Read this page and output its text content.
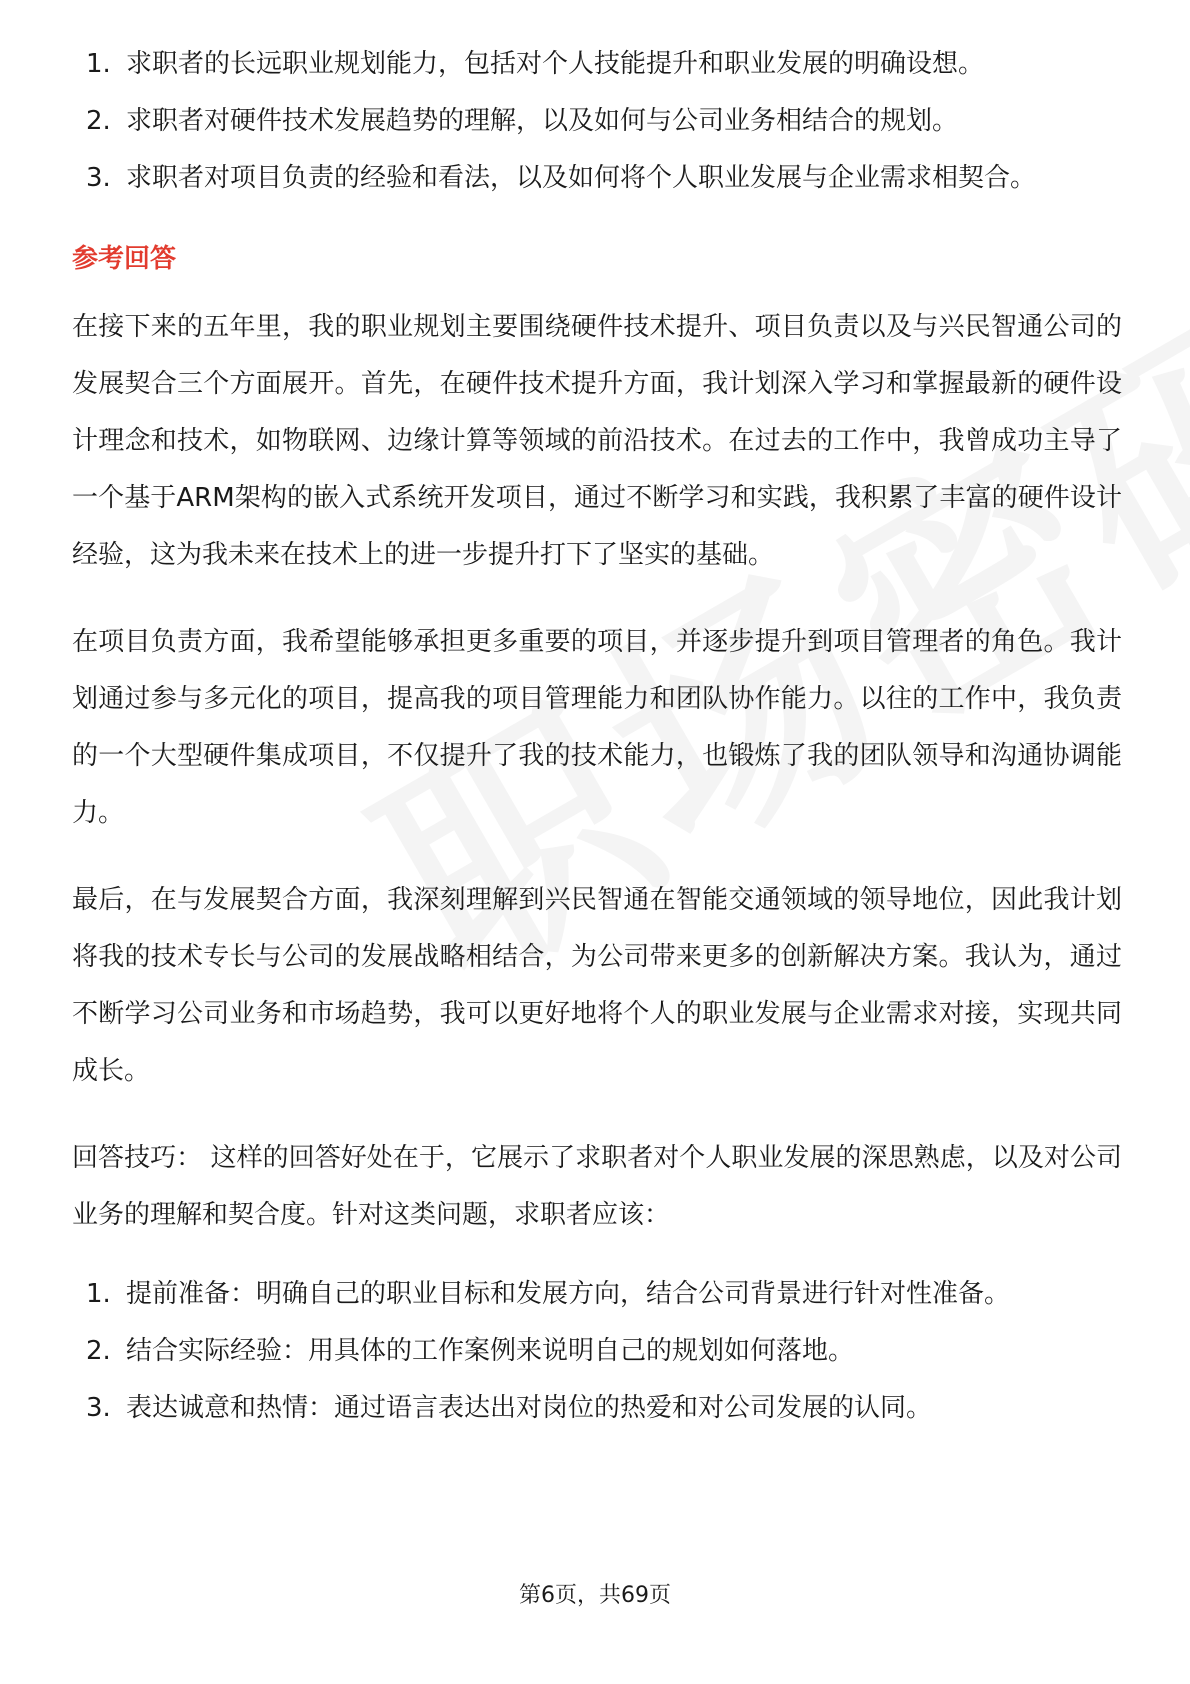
1. 求职者的长远职业规划能力，包括对个人技能提升和职业发展的明确设想。
2. 求职者对硬件技术发展趋势的理解，以及如何与公司业务相结合的规划。
3. 求职者对项目负责的经验和看法，以及如何将个人职业发展与企业需求相契合。
参考回答

在接下来的五年里，我的职业规划主要围绕硬件技术提升、项目负责以及与兴民智通公司的发展契合三个方面展开。首先，在硬件技术提升方面，我计划深入学习和掌握最新的硬件设计理念和技术，如物联网、边缘计算等领域的前沿技术。在过去的工作中，我曾成功主导了一个基于ARM架构的嵌入式系统开发项目，通过不断学习和实践，我积累了丰富的硬件设计经验，这为我未来在技术上的进一步提升打下了坚实的基础。

在项目负责方面，我希望能够承担更多重要的项目，并逐步提升到项目管理者的角色。我计划通过参与多元化的项目，提高我的项目管理能力和团队协作能力。以往的工作中，我负责的一个大型硬件集成项目，不仅提升了我的技术能力，也锻炼了我的团队领导和沟通协调能力。

最后，在与发展契合方面，我深刻理解到兴民智通在智能交通领域的领导地位，因此我计划将我的技术专长与公司的发展战略相结合，为公司带来更多的创新解决方案。我认为，通过不断学习公司业务和市场趋势，我可以更好地将个人的职业发展与企业需求对接，实现共同成长。

回答技巧： 这样的回答好处在于，它展示了求职者对个人职业发展的深思熟虑，以及对公司业务的理解和契合度。针对这类问题，求职者应该：

1. 提前准备：明确自己的职业目标和发展方向，结合公司背景进行针对性准备。
2. 结合实际经验：用具体的工作案例来说明自己的规划如何落地。
3. 表达诚意和热情：通过语言表达出对岗位的热爱和对公司发展的认同。
第6页，共69页
